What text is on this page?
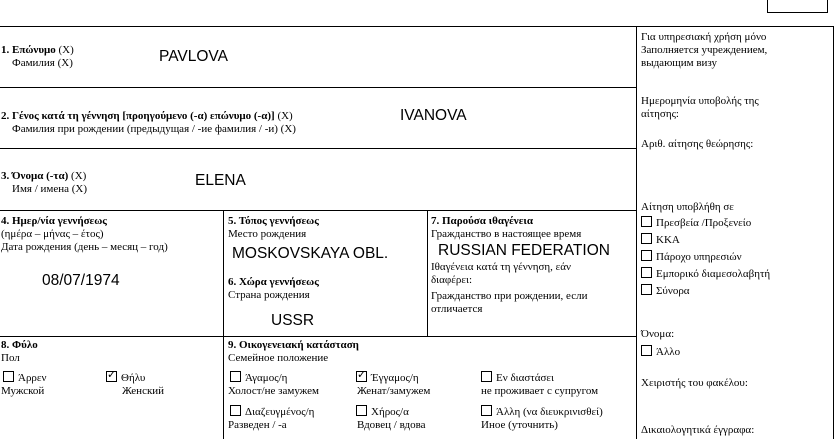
1. Επώνυμο (X)
Фамилия (X)	PAVLOVA
2. Γένος κατά τη γέννηση [προηγούμενο (-α) επώνυμο (-α)] (X)
Фамилия при рождении (предыдущая / -ие фамилия / -и) (X)
IVANOVA
3. Όνομα (-τα) (X)
Имя / имена (X)	ELENA
4. Ημερ/νία γεννήσεως
(ημέρα – μήνας – έτος)
Дата рождения (день – месяц – год)
08/07/1974
5. Τόπος γεννήσεως
Место рождения
MOSKOVSKAYA OBL.
6. Χώρα γεννήσεως
Страна рождения
USSR
7. Παρούσα ιθαγένεια
Гражданство в настоящее время
RUSSIAN FEDERATION
Ιθαγένεια κατά τη γέννηση, εάν
διαφέρει:
Гражданство при рождении, если
отличается
8. Φύλο
Пол
Άρρεν
Мужской
✓Θήλυ
Женский
9. Οικογενειακή κατάσταση
Семейное положение
Άγαμος/η
Холост/не замужем
✓Έγγαμος/η
Женат/замужем
Εν διαστάσει
не проживает с супругом
Διαζευγμένος/η
Разведен / -а
Χήρος/α
Вдовец / вдова
Άλλη (να διευκρινισθεί)
Иное (уточнить)
Για υπηρεσιακή χρήση μόνο
Заполняется учреждением,
выдающим визу
Ημερομηνία υποβολής της
αίτησης:
Αριθ. αίτησης θεώρησης:
Αίτηση υποβλήθη σε
Πρεσβεία /Προξενείο
ΚΚΑ
Πάροχο υπηρεσιών
Εμπορικό διαμεσολαβητή
Σύνορα
Όνομα:
Άλλο
Χειριστής του φακέλου:
Δικαιολογητικά έγγραφα:
